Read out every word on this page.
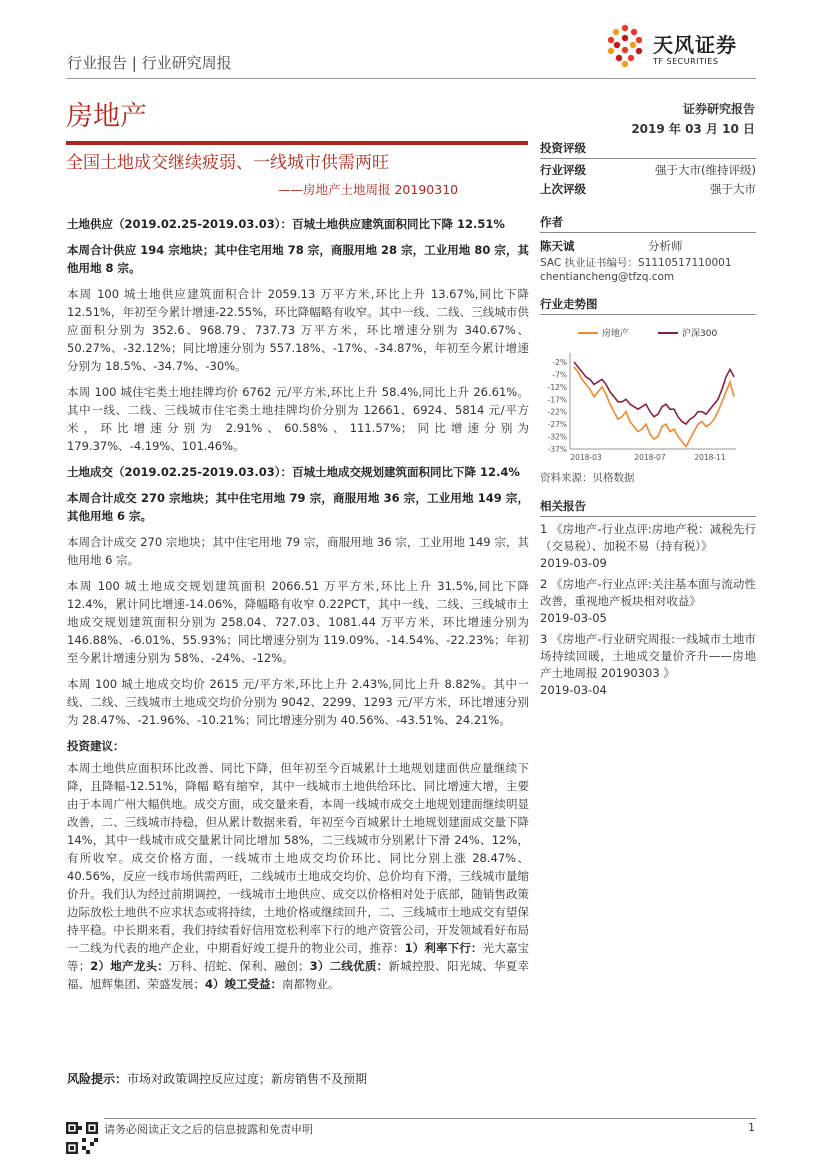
行业报告 | 行业研究周报
天风证券
TF SECURITIES
房地产	证券研究报告
2019 年 03 月 10 日
全国土地成交继续疲弱、一线城市供需两旺
——房地产土地周报 20190310

土地供应（2019.02.25-2019.03.03）：百城土地供应建筑面积同比下降 12.51%

本周合计供应 194 宗地块；其中住宅用地 78 宗，商服用地 28 宗，工业用地 80 宗，其他用地 8 宗。

本周 100 城土地供应建筑面积合计 2059.13 万平方米,环比上升 13.67%,同比下降 12.51%，年初至今累计增速-22.55%，环比降幅略有收窄。其中一线、二线、三线城市供应面积分别为 352.6、968.79、737.73 万平方米，环比增速分别为 340.67%、50.27%、-32.12%；同比增速分别为 557.18%、-17%、-34.87%，年初至今累计增速分别为 18.5%、-34.7%、-30%。

本周 100 城住宅类土地挂牌均价 6762 元/平方米,环比上升 58.4%,同比上升 26.61%。其中一线、二线、三线城市住宅类土地挂牌均价分别为 12661、6924、5814 元/平方米，环比增速分别为 2.91%、60.58%、111.57%；同比增速分别为 179.37%、-4.19%、101.46%。

土地成交（2019.02.25-2019.03.03）：百城土地成交规划建筑面积同比下降 12.4%

本周合计成交 270 宗地块；其中住宅用地 79 宗，商服用地 36 宗，工业用地 149 宗，其他用地 6 宗。

本周合计成交 270 宗地块；其中住宅用地 79 宗，商服用地 36 宗，工业用地 149 宗，其他用地 6 宗。

本周 100 城土地成交规划建筑面积 2066.51 万平方米,环比上升 31.5%,同比下降 12.4%，累计同比增速-14.06%，降幅略有收窄 0.22PCT，其中一线、二线、三线城市土地成交规划建筑面积分别为 258.04、727.03、1081.44 万平方米，环比增速分别为 146.88%、-6.01%、55.93%；同比增速分别为 119.09%、-14.54%、-22.23%；年初至今累计增速分别为 58%、-24%、-12%。

本周 100 城土地成交均价 2615 元/平方米,环比上升 2.43%,同比上升 8.82%。其中一线、二线、三线城市土地成交均价分别为 9042、2299、1293 元/平方米，环比增速分别为 28.47%、-21.96%、-10.21%；同比增速分别为 40.56%、-43.51%、24.21%。

投资建议：

本周土地供应面积环比改善、同比下降，但年初至今百城累计土地规划建面供应量继续下降，且降幅-12.51%，降幅 略有缩窄，其中一线城市土地供给环比、同比增速大增，主要由于本周广州大幅供地。成交方面，成交量来看，本周一线城市成交土地规划建面继续明显改善，二、三线城市持稳，但从累计数据来看，年初至今百城累计土地规划建面成交量下降 14%，其中一线城市成交量累计同比增加 58%，二三线城市分别累计下滑 24%、12%，有所收窄。成交价格方面，一线城市土地成交均价环比、同比分别上涨 28.47%、40.56%，反应一线市场供需两旺，二线城市土地成交均价、总价均有下滑，三线城市量缩价升。我们认为经过前期调控，一线城市土地供应、成交以价格相对处于底部，随销售政策边际放松土地供不应求状态或将持续，土地价格或继续回升，二、三线城市土地成交有望保持平稳。中长期来看，我们持续看好信用宽松利率下行的地产资管公司，开发领域看好布局一二线为代表的地产企业，中期看好竣工提升的物业公司，推荐：1）利率下行：光大嘉宝等；2）地产龙头：万科、招蛇、保利、融创；3）二线优质：新城控股、阳光城、华夏幸福、旭辉集团、荣盛发展；4）竣工受益：南都物业。

风险提示：市场对政策调控反应过度；新房销售不及预期
投资评级
行业评级	强于大市(维持评级)
上次评级	强于大市
作者
陈天诚	分析师
SAC 执业证书编号：S1110517110001
chentiancheng@tfzq.com
行业走势图
-2%
-7%
-12%
-17%
-22%
-27%
-32%
-37%
2018-03	2018-07	2018-11
房地产	沪深300
资料来源：贝格数据
相关报告
1 《房地产-行业点评:房地产税：减税先行（交易税）、加税不易（持有税）》
2019-03-09
2 《房地产-行业点评:关注基本面与流动性改善，重视地产板块相对收益》
2019-03-05
3 《房地产-行业研究周报:一线城市土地市场持续回暖，土地成交量价齐升——房地产土地周报 20190303 》
2019-03-04
请务必阅读正文之后的信息披露和免责申明	1
